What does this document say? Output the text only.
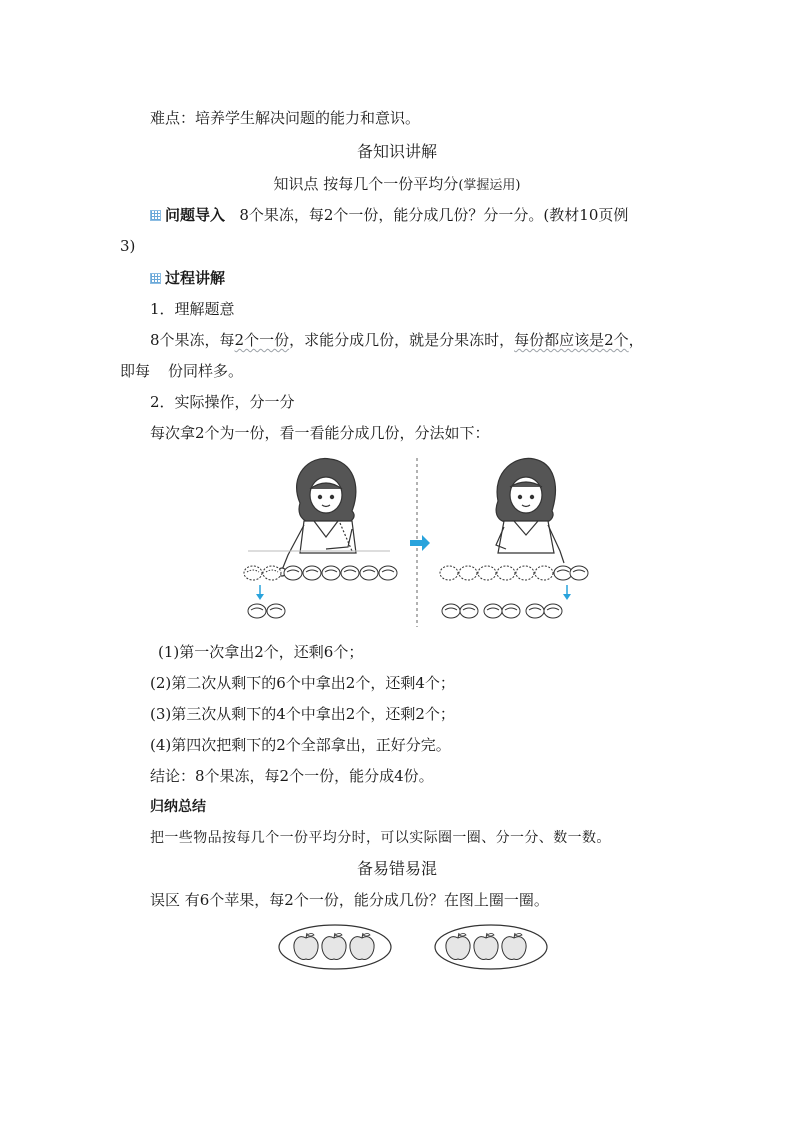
难点：培养学生解决问题的能力和意识。
备知识讲解
知识点 按每几个一份平均分(掌握运用)
问题导入 8个果冻，每2个一份，能分成几份？分一分。(教材10页例
3)
过程讲解
1．理解题意
8个果冻，每2个一份，求能分成几份，就是分果冻时，每份都应该是2个，
即每 份同样多。
2．实际操作，分一分
每次拿2个为一份，看一看能分成几份，分法如下：
(1)第一次拿出2个，还剩6个；
(2)第二次从剩下的6个中拿出2个，还剩4个；
(3)第三次从剩下的4个中拿出2个，还剩2个；
(4)第四次把剩下的2个全部拿出，正好分完。
结论：8个果冻，每2个一份，能分成4份。
归纳总结
把一些物品按每几个一份平均分时，可以实际圈一圈、分一分、数一数。
备易错易混
误区 有6个苹果，每2个一份，能分成几份？在图上圈一圈。
